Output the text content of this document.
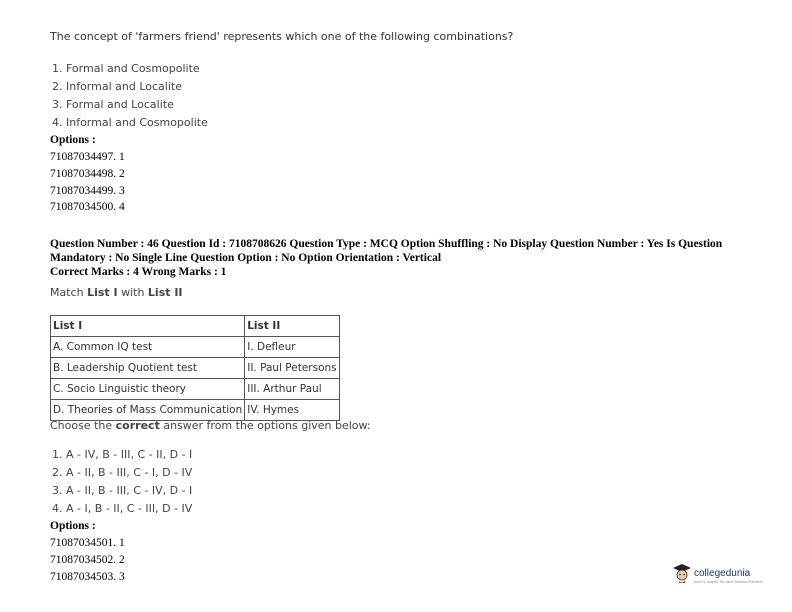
The concept of 'farmers friend' represents which one of the following combinations?
1. Formal and Cosmopolite
2. Informal and Localite
3. Formal and Localite
4. Informal and Cosmopolite
Options :
71087034497. 1
71087034498. 2
71087034499. 3
71087034500. 4
Question Number : 46 Question Id : 7108708626 Question Type : MCQ Option Shuffling : No Display Question Number : Yes Is Question Mandatory : No Single Line Question Option : No Option Orientation : Vertical
Correct Marks : 4 Wrong Marks : 1
Match List I with List II
List I	List II
A. Common IQ test	I. Defleur
B. Leadership Quotient test	II. Paul Petersons
C. Socio Linguistic theory	III. Arthur Paul
D. Theories of Mass Communication	IV. Hymes
Choose the correct answer from the options given below:
1. A - IV, B - III, C - II, D - I
2. A - II, B - III, C - I, D - IV
3. A - II, B - III, C - IV, D - I
4. A - I, B - II, C - III, D - IV
Options :
71087034501. 1
71087034502. 2
71087034503. 3	collegedunia
India's largest Student Review Platform
